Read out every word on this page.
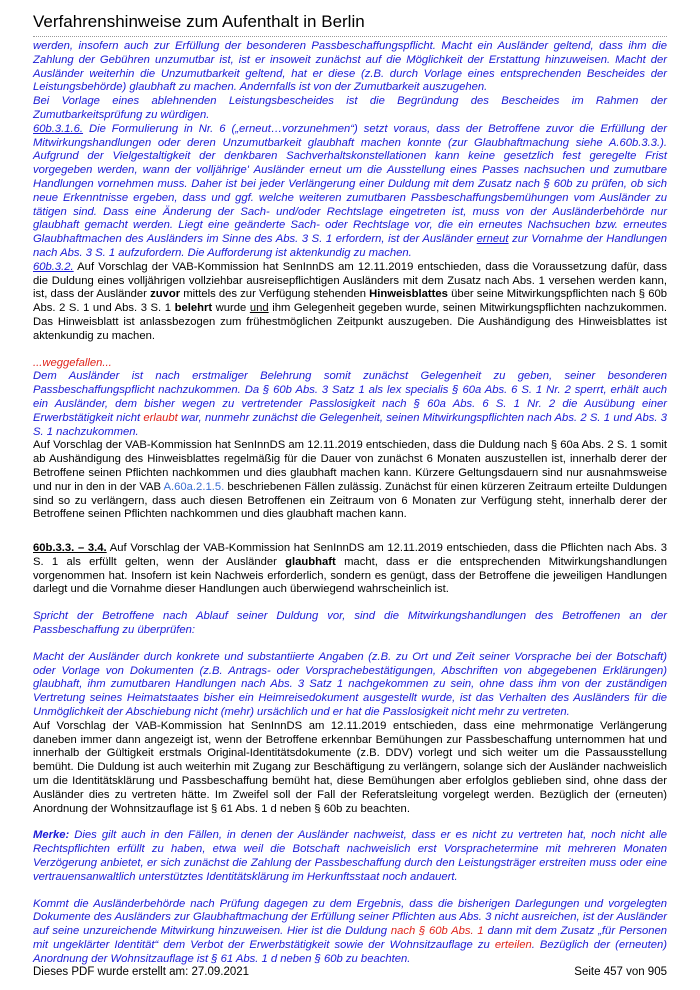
Verfahrenshinweise zum Aufenthalt in Berlin

werden, insofern auch zur Erfüllung der besonderen Passbeschaffungspflicht. Macht ein Ausländer geltend, dass ihm die Zahlung der Gebühren unzumutbar ist, ist er insoweit zunächst auf die Möglichkeit der Erstattung hinzuweisen. Macht der Ausländer weiterhin die Unzumutbarkeit geltend, hat er diese (z.B. durch Vorlage eines entsprechenden Bescheides der Leistungsbehörde) glaubhaft zu machen. Andernfalls ist von der Zumutbarkeit auszugehen.

Bei Vorlage eines ablehnenden Leistungsbescheides ist die Begründung des Bescheides im Rahmen der Zumutbarkeitsprüfung zu würdigen.

60b.3.1.6. Die Formulierung in Nr. 6 („erneut…vorzunehmen“) setzt voraus, dass der Betroffene zuvor die Erfüllung der Mitwirkungshandlungen oder deren Unzumutbarkeit glaubhaft machen konnte (zur Glaubhaftmachung siehe A.60b.3.3.). Aufgrund der Vielgestaltigkeit der denkbaren Sachverhaltskonstellationen kann keine gesetzlich fest geregelte Frist vorgegeben werden, wann der volljährige' Ausländer erneut um die Ausstellung eines Passes nachsuchen und zumutbare Handlungen vornehmen muss. Daher ist bei jeder Verlängerung einer Duldung mit dem Zusatz nach § 60b zu prüfen, ob sich neue Erkenntnisse ergeben, dass und ggf. welche weiteren zumutbaren Passbeschaffungsbemühungen vom Ausländer zu tätigen sind. Dass eine Änderung der Sach- und/oder Rechtslage eingetreten ist, muss von der Ausländerbehörde nur glaubhaft gemacht werden. Liegt eine geänderte Sach- oder Rechtslage vor, die ein erneutes Nachsuchen bzw. erneutes Glaubhaftmachen des Ausländers im Sinne des Abs. 3 S. 1 erfordern, ist der Ausländer erneut zur Vornahme der Handlungen nach Abs. 3 S. 1 aufzufordern. Die Aufforderung ist aktenkundig zu machen.

60b.3.2. Auf Vorschlag der VAB-Kommission hat SenInnDS am 12.11.2019 entschieden, dass die Voraussetzung dafür, dass die Duldung eines volljährigen vollziehbar ausreisepflichtigen Ausländers mit dem Zusatz nach Abs. 1 versehen werden kann, ist, dass der Ausländer zuvor mittels des zur Verfügung stehenden Hinweisblattes über seine Mitwirkungspflichten nach § 60b Abs. 2 S. 1 und Abs. 3 S. 1 belehrt wurde und ihm Gelegenheit gegeben wurde, seinen Mitwirkungspflichten nachzukommen. Das Hinweisblatt ist anlassbezogen zum frühestmöglichen Zeitpunkt auszugeben. Die Aushändigung des Hinweisblattes ist aktenkundig zu machen.

...weggefallen...

Dem Ausländer ist nach erstmaliger Belehrung somit zunächst Gelegenheit zu geben, seiner besonderen Passbeschaffungspflicht nachzukommen. Da § 60b Abs. 3 Satz 1 als lex specialis § 60a Abs. 6 S. 1 Nr. 2 sperrt, erhält auch ein Ausländer, dem bisher wegen zu vertretender Passlosigkeit nach § 60a Abs. 6 S. 1 Nr. 2 die Ausübung einer Erwerbstätigkeit nicht erlaubt war, nunmehr zunächst die Gelegenheit, seinen Mitwirkungspflichten nach Abs. 2 S. 1 und Abs. 3 S. 1 nachzukommen.

Auf Vorschlag der VAB-Kommission hat SenInnDS am 12.11.2019 entschieden, dass die Duldung nach § 60a Abs. 2 S. 1 somit ab Aushändigung des Hinweisblattes regelmäßig für die Dauer von zunächst 6 Monaten auszustellen ist, innerhalb derer der Betroffene seinen Pflichten nachkommen und dies glaubhaft machen kann. Kürzere Geltungsdauern sind nur ausnahmsweise und nur in den in der VAB A.60a.2.1.5. beschriebenen Fällen zulässig. Zunächst für einen kürzeren Zeitraum erteilte Duldungen sind so zu verlängern, dass auch diesen Betroffenen ein Zeitraum von 6 Monaten zur Verfügung steht, innerhalb derer der Betroffene seinen Pflichten nachkommen und dies glaubhaft machen kann.

60b.3.3. – 3.4. Auf Vorschlag der VAB-Kommission hat SenInnDS am 12.11.2019 entschieden, dass die Pflichten nach Abs. 3 S. 1 als erfüllt gelten, wenn der Ausländer glaubhaft macht, dass er die entsprechenden Mitwirkungshandlungen vorgenommen hat. Insofern ist kein Nachweis erforderlich, sondern es genügt, dass der Betroffene die jeweiligen Handlungen darlegt und die Vornahme dieser Handlungen auch überwiegend wahrscheinlich ist.

Spricht der Betroffene nach Ablauf seiner Duldung vor, sind die Mitwirkungshandlungen des Betroffenen an der Passbeschaffung zu überprüfen:

Macht der Ausländer durch konkrete und substantiierte Angaben (z.B. zu Ort und Zeit seiner Vorsprache bei der Botschaft) oder Vorlage von Dokumenten (z.B. Antrags- oder Vorsprachebestätigungen, Abschriften von abgegebenen Erklärungen) glaubhaft, ihm zumutbaren Handlungen nach Abs. 3 Satz 1 nachgekommen zu sein, ohne dass ihm von der zuständigen Vertretung seines Heimatstaates bisher ein Heimreisedokument ausgestellt wurde, ist das Verhalten des Ausländers für die Unmöglichkeit der Abschiebung nicht (mehr) ursächlich und er hat die Passlosigkeit nicht mehr zu vertreten.

Auf Vorschlag der VAB-Kommission hat SenInnDS am 12.11.2019 entschieden, dass eine mehrmonatige Verlängerung daneben immer dann angezeigt ist, wenn der Betroffene erkennbar Bemühungen zur Passbeschaffung unternommen hat und innerhalb der Gültigkeit erstmals Original-Identitätsdokumente (z.B. DDV) vorlegt und sich weiter um die Passausstellung bemüht. Die Duldung ist auch weiterhin mit Zugang zur Beschäftigung zu verlängern, solange sich der Ausländer nachweislich um die Identitätsklärung und Passbeschaffung bemüht hat, diese Bemühungen aber erfolglos geblieben sind, ohne dass der Ausländer dies zu vertreten hätte. Im Zweifel soll der Fall der Referatsleitung vorgelegt werden. Bezüglich der (erneuten) Anordnung der Wohnsitzauflage ist § 61 Abs. 1 d neben § 60b zu beachten.

Merke: Dies gilt auch in den Fällen, in denen der Ausländer nachweist, dass er es nicht zu vertreten hat, noch nicht alle Rechtspflichten erfüllt zu haben, etwa weil die Botschaft nachweislich erst Vorsprachetermine mit mehreren Monaten Verzögerung anbietet, er sich zunächst die Zahlung der Passbeschaffung durch den Leistungsträger erstreiten muss oder eine vertrauensanwaltlich unterstütztes Identitätsklärung im Herkunftsstaat noch andauert.

Kommt die Ausländerbehörde nach Prüfung dagegen zu dem Ergebnis, dass die bisherigen Darlegungen und vorgelegten Dokumente des Ausländers zur Glaubhaftmachung der Erfüllung seiner Pflichten aus Abs. 3 nicht ausreichen, ist der Ausländer auf seine unzureichende Mitwirkung hinzuweisen. Hier ist die Duldung nach § 60b Abs. 1 dann mit dem Zusatz „für Personen mit ungeklärter Identität“ dem Verbot der Erwerbstätigkeit sowie der Wohnsitzauflage zu erteilen. Bezüglich der (erneuten) Anordnung der Wohnsitzauflage ist § 61 Abs. 1 d neben § 60b zu beachten.

Dieses PDF wurde erstellt am: 27.09.2021	Seite 457 von 905
